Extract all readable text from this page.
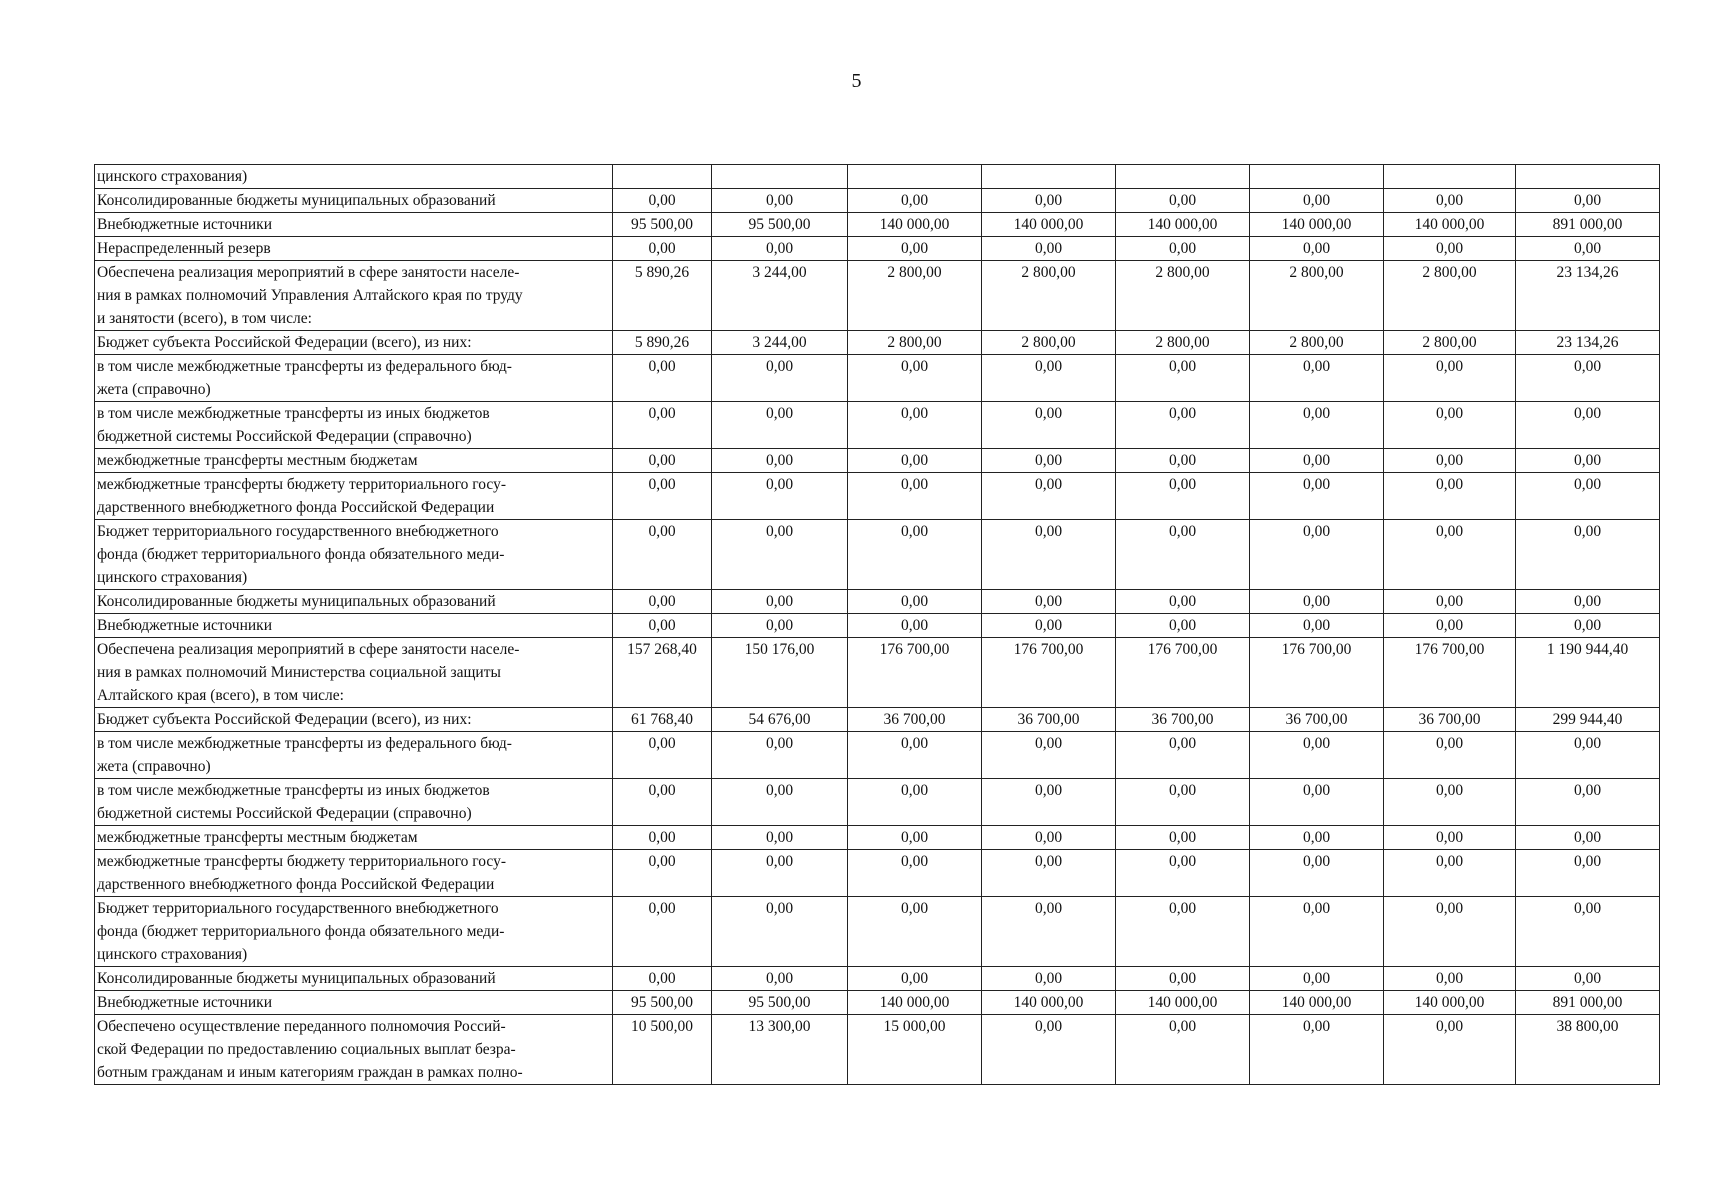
5
цинского страхования)								
Консолидированные бюджеты муниципальных образований	0,00	0,00	0,00	0,00	0,00	0,00	0,00	0,00
Внебюджетные источники	95 500,00	95 500,00	140 000,00	140 000,00	140 000,00	140 000,00	140 000,00	891 000,00
Нераспределенный резерв	0,00	0,00	0,00	0,00	0,00	0,00	0,00	0,00
Обеспечена реализация мероприятий в сфере занятости населе-
ния в рамках полномочий Управления Алтайского края по труду
и занятости (всего), в том числе:	5 890,26	3 244,00	2 800,00	2 800,00	2 800,00	2 800,00	2 800,00	23 134,26
Бюджет субъекта Российской Федерации (всего), из них:	5 890,26	3 244,00	2 800,00	2 800,00	2 800,00	2 800,00	2 800,00	23 134,26
в том числе межбюджетные трансферты из федерального бюд-
жета (справочно)	0,00	0,00	0,00	0,00	0,00	0,00	0,00	0,00
в том числе межбюджетные трансферты из иных бюджетов
бюджетной системы Российской Федерации (справочно)	0,00	0,00	0,00	0,00	0,00	0,00	0,00	0,00
межбюджетные трансферты местным бюджетам	0,00	0,00	0,00	0,00	0,00	0,00	0,00	0,00
межбюджетные трансферты бюджету территориального госу-
дарственного внебюджетного фонда Российской Федерации	0,00	0,00	0,00	0,00	0,00	0,00	0,00	0,00
Бюджет территориального государственного внебюджетного
фонда (бюджет территориального фонда обязательного меди-
цинского страхования)	0,00	0,00	0,00	0,00	0,00	0,00	0,00	0,00
Консолидированные бюджеты муниципальных образований	0,00	0,00	0,00	0,00	0,00	0,00	0,00	0,00
Внебюджетные источники	0,00	0,00	0,00	0,00	0,00	0,00	0,00	0,00
Обеспечена реализация мероприятий в сфере занятости населе-
ния в рамках полномочий Министерства социальной защиты
Алтайского края (всего), в том числе:	157 268,40	150 176,00	176 700,00	176 700,00	176 700,00	176 700,00	176 700,00	1 190 944,40
Бюджет субъекта Российской Федерации (всего), из них:	61 768,40	54 676,00	36 700,00	36 700,00	36 700,00	36 700,00	36 700,00	299 944,40
в том числе межбюджетные трансферты из федерального бюд-
жета (справочно)	0,00	0,00	0,00	0,00	0,00	0,00	0,00	0,00
в том числе межбюджетные трансферты из иных бюджетов
бюджетной системы Российской Федерации (справочно)	0,00	0,00	0,00	0,00	0,00	0,00	0,00	0,00
межбюджетные трансферты местным бюджетам	0,00	0,00	0,00	0,00	0,00	0,00	0,00	0,00
межбюджетные трансферты бюджету территориального госу-
дарственного внебюджетного фонда Российской Федерации	0,00	0,00	0,00	0,00	0,00	0,00	0,00	0,00
Бюджет территориального государственного внебюджетного
фонда (бюджет территориального фонда обязательного меди-
цинского страхования)	0,00	0,00	0,00	0,00	0,00	0,00	0,00	0,00
Консолидированные бюджеты муниципальных образований	0,00	0,00	0,00	0,00	0,00	0,00	0,00	0,00
Внебюджетные источники	95 500,00	95 500,00	140 000,00	140 000,00	140 000,00	140 000,00	140 000,00	891 000,00
Обеспечено осуществление переданного полномочия Россий-
ской Федерации по предоставлению социальных выплат безра-
ботным гражданам и иным категориям граждан в рамках полно-	10 500,00	13 300,00	15 000,00	0,00	0,00	0,00	0,00	38 800,00
